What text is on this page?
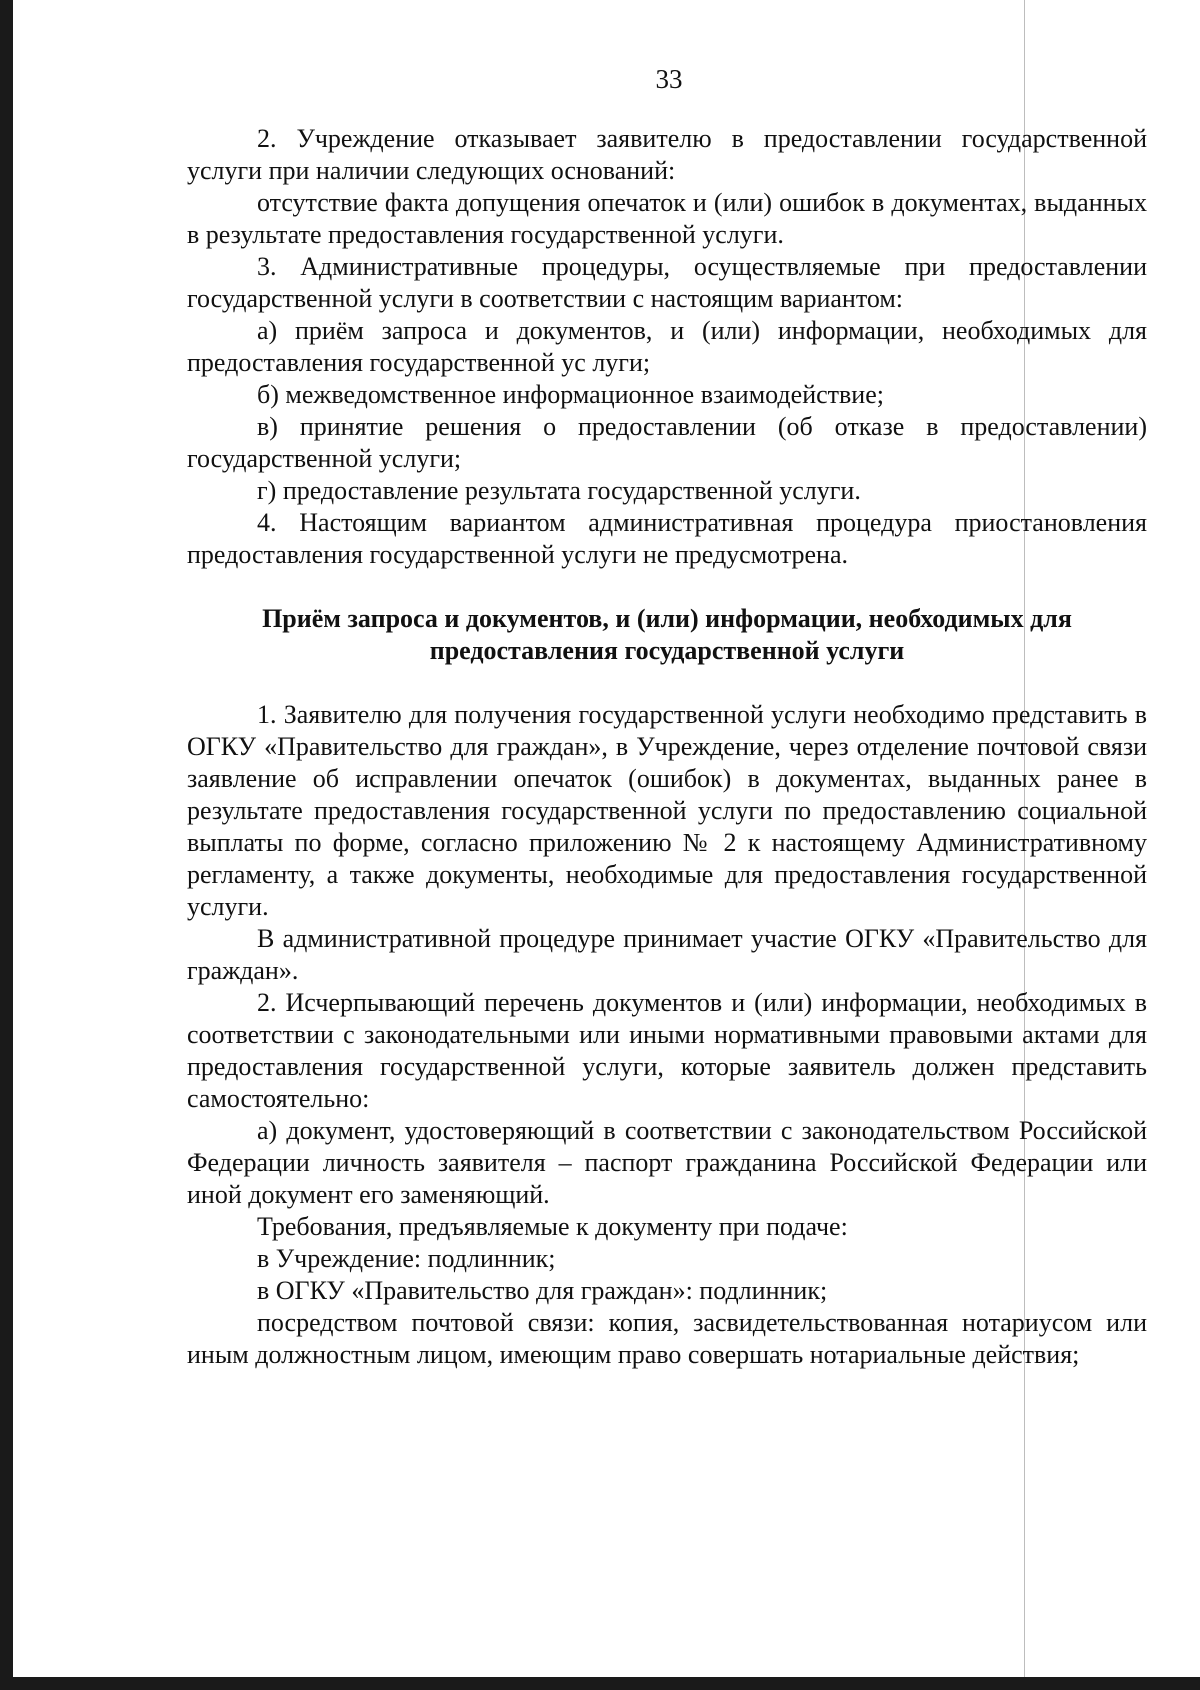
33

2. Учреждение отказывает заявителю в предоставлении государственной услуги при наличии следующих оснований:

отсутствие факта допущения опечаток и (или) ошибок в документах, выданных в результате предоставления государственной услуги.

3. Административные процедуры, осуществляемые при предоставлении государственной услуги в соответствии с настоящим вариантом:

а) приём запроса и документов, и (или) информации, необходимых для предоставления государственной ус луги;

б) межведомственное информационное взаимодействие;

в) принятие решения о предоставлении (об отказе в предоставлении) государственной услуги;

г) предоставление результата государственной услуги.

4. Настоящим вариантом административная процедура приостановления предоставления государственной услуги не предусмотрена.

Приём запроса и документов, и (или) информации, необходимых для предоставления государственной услуги

1. Заявителю для получения государственной услуги необходимо представить в ОГКУ «Правительство для граждан», в Учреждение, через отделение почтовой связи заявление об исправлении опечаток (ошибок) в документах, выданных ранее в результате предоставления государственной услуги по предоставлению социальной выплаты по форме, согласно приложению № 2 к настоящему Административному регламенту, а также документы, необходимые для предоставления государственной услуги.

В административной процедуре принимает участие ОГКУ «Правительство для граждан».

2. Исчерпывающий перечень документов и (или) информации, необходимых в соответствии с законодательными или иными нормативными правовыми актами для предоставления государственной услуги, которые заявитель должен представить самостоятельно:

а) документ, удостоверяющий в соответствии с законодательством Российской Федерации личность заявителя – паспорт гражданина Российской Федерации или иной документ его заменяющий.

Требования, предъявляемые к документу при подаче:

в Учреждение: подлинник;

в ОГКУ «Правительство для граждан»: подлинник;

посредством почтовой связи: копия, засвидетельствованная нотариусом или иным должностным лицом, имеющим право совершать нотариальные действия;
